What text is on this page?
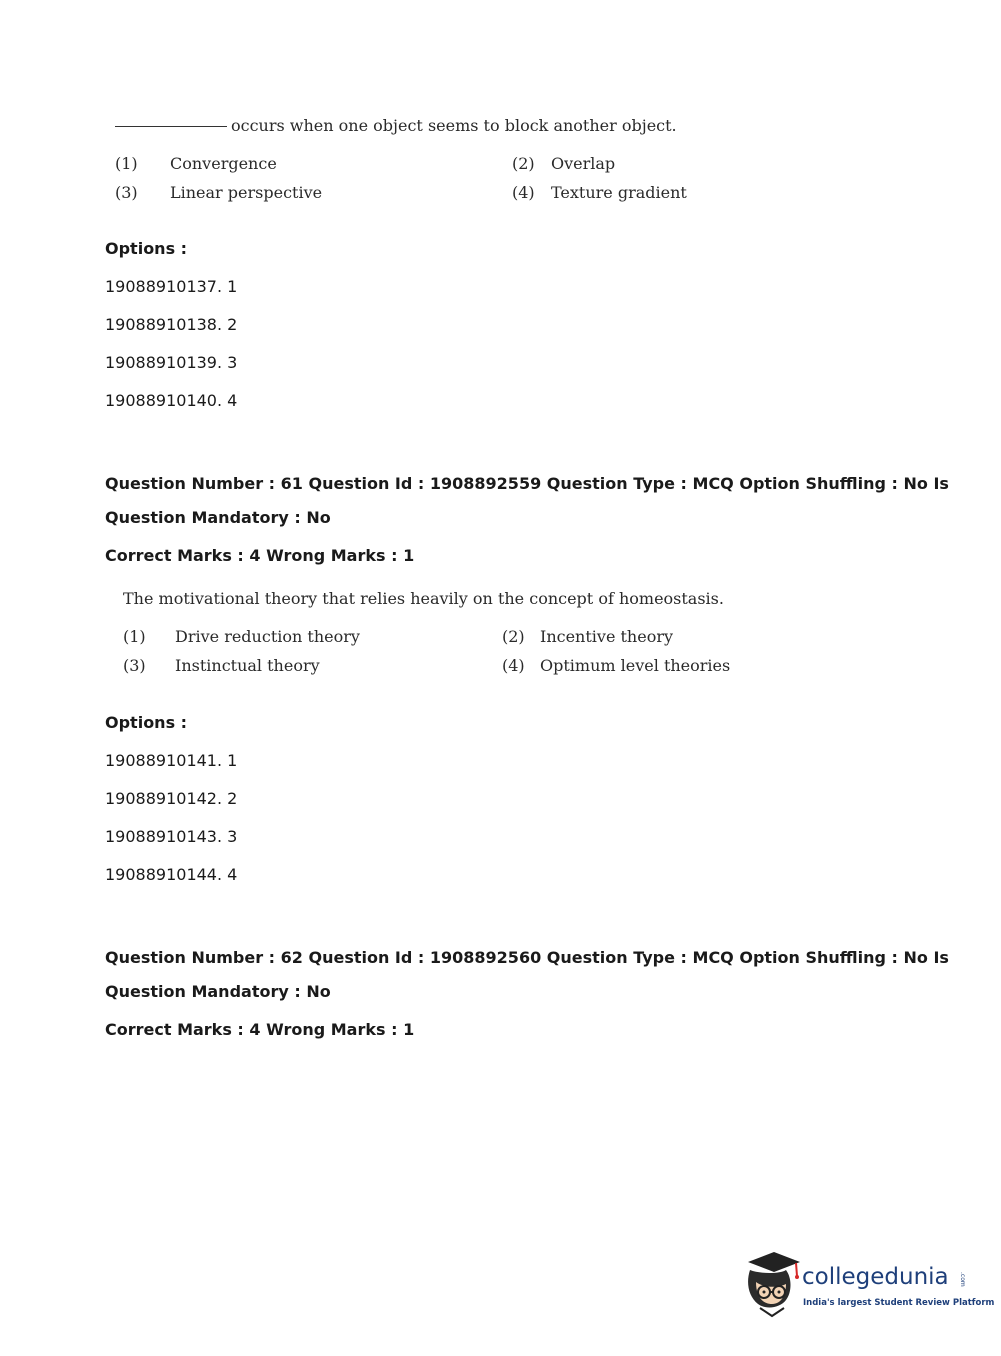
occurs when one object seems to block another object.
(1) Convergence	(2) Overlap
(3) Linear perspective	(4) Texture gradient
Options :
19088910137. 1
19088910138. 2
19088910139. 3
19088910140. 4
Question Number : 61 Question Id : 1908892559 Question Type : MCQ Option Shuffling : No Is
Question Mandatory : No
Correct Marks : 4 Wrong Marks : 1
The motivational theory that relies heavily on the concept of homeostasis.
(1) Drive reduction theory	(2) Incentive theory
(3) Instinctual theory	(4) Optimum level theories
Options :
19088910141. 1
19088910142. 2
19088910143. 3
19088910144. 4
Question Number : 62 Question Id : 1908892560 Question Type : MCQ Option Shuffling : No Is
Question Mandatory : No
Correct Marks : 4 Wrong Marks : 1
collegedunia .com
India's largest Student Review Platform
